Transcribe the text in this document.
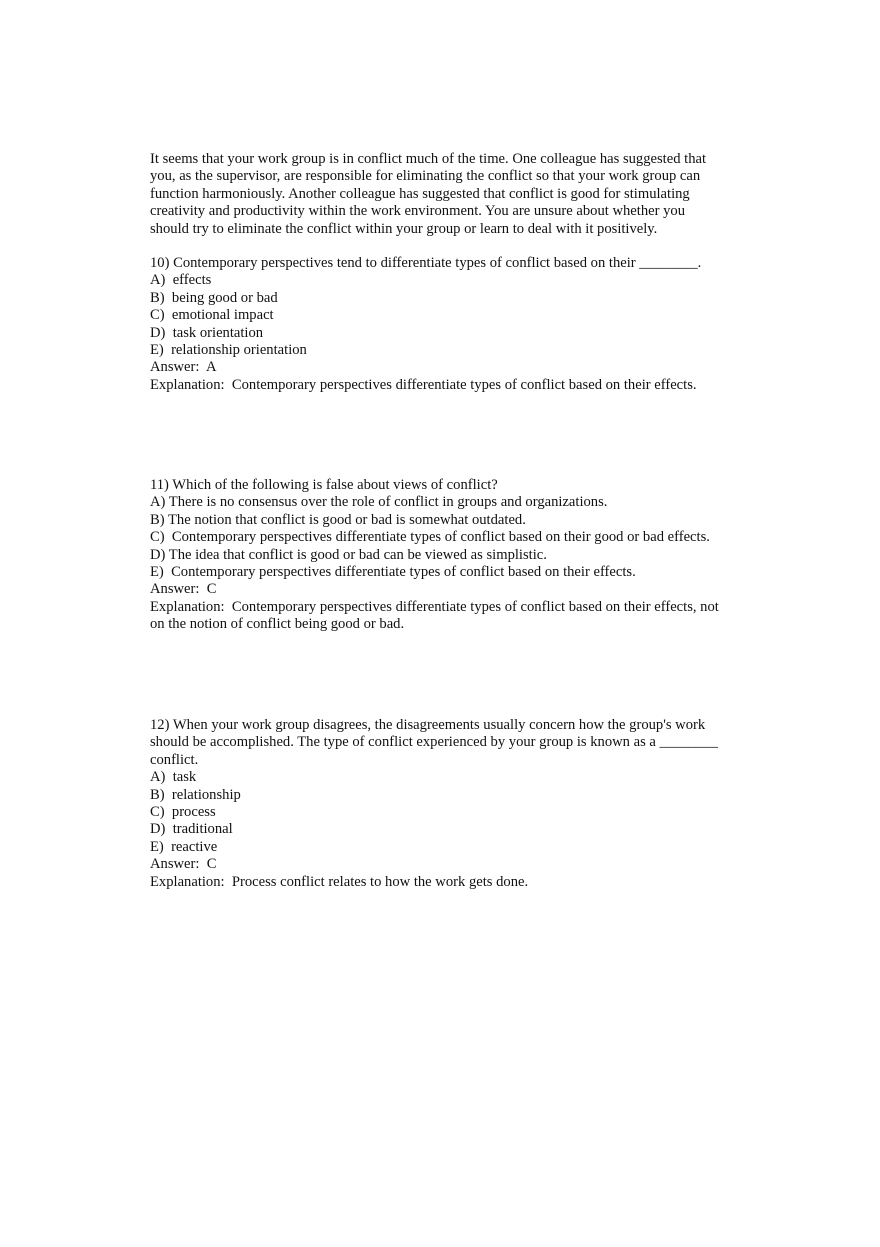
It seems that your work group is in conflict much of the time. One colleague has suggested that
you, as the supervisor, are responsible for eliminating the conflict so that your work group can
function harmoniously. Another colleague has suggested that conflict is good for stimulating
creativity and productivity within the work environment. You are unsure about whether you
should try to eliminate the conflict within your group or learn to deal with it positively.
10) Contemporary perspectives tend to differentiate types of conflict based on their ________.
A)  effects
B)  being good or bad
C)  emotional impact
D)  task orientation
E)  relationship orientation
Answer:  A
Explanation:  Contemporary perspectives differentiate types of conflict based on their effects.
11) Which of the following is false about views of conflict?
A) There is no consensus over the role of conflict in groups and organizations.
B) The notion that conflict is good or bad is somewhat outdated.
C)  Contemporary perspectives differentiate types of conflict based on their good or bad effects.
D) The idea that conflict is good or bad can be viewed as simplistic.
E)  Contemporary perspectives differentiate types of conflict based on their effects.
Answer:  C
Explanation:  Contemporary perspectives differentiate types of conflict based on their effects, not
on the notion of conflict being good or bad.
12) When your work group disagrees, the disagreements usually concern how the group's work
should be accomplished. The type of conflict experienced by your group is known as a ________
conflict.
A)  task
B)  relationship
C)  process
D)  traditional
E)  reactive
Answer:  C
Explanation:  Process conflict relates to how the work gets done.
